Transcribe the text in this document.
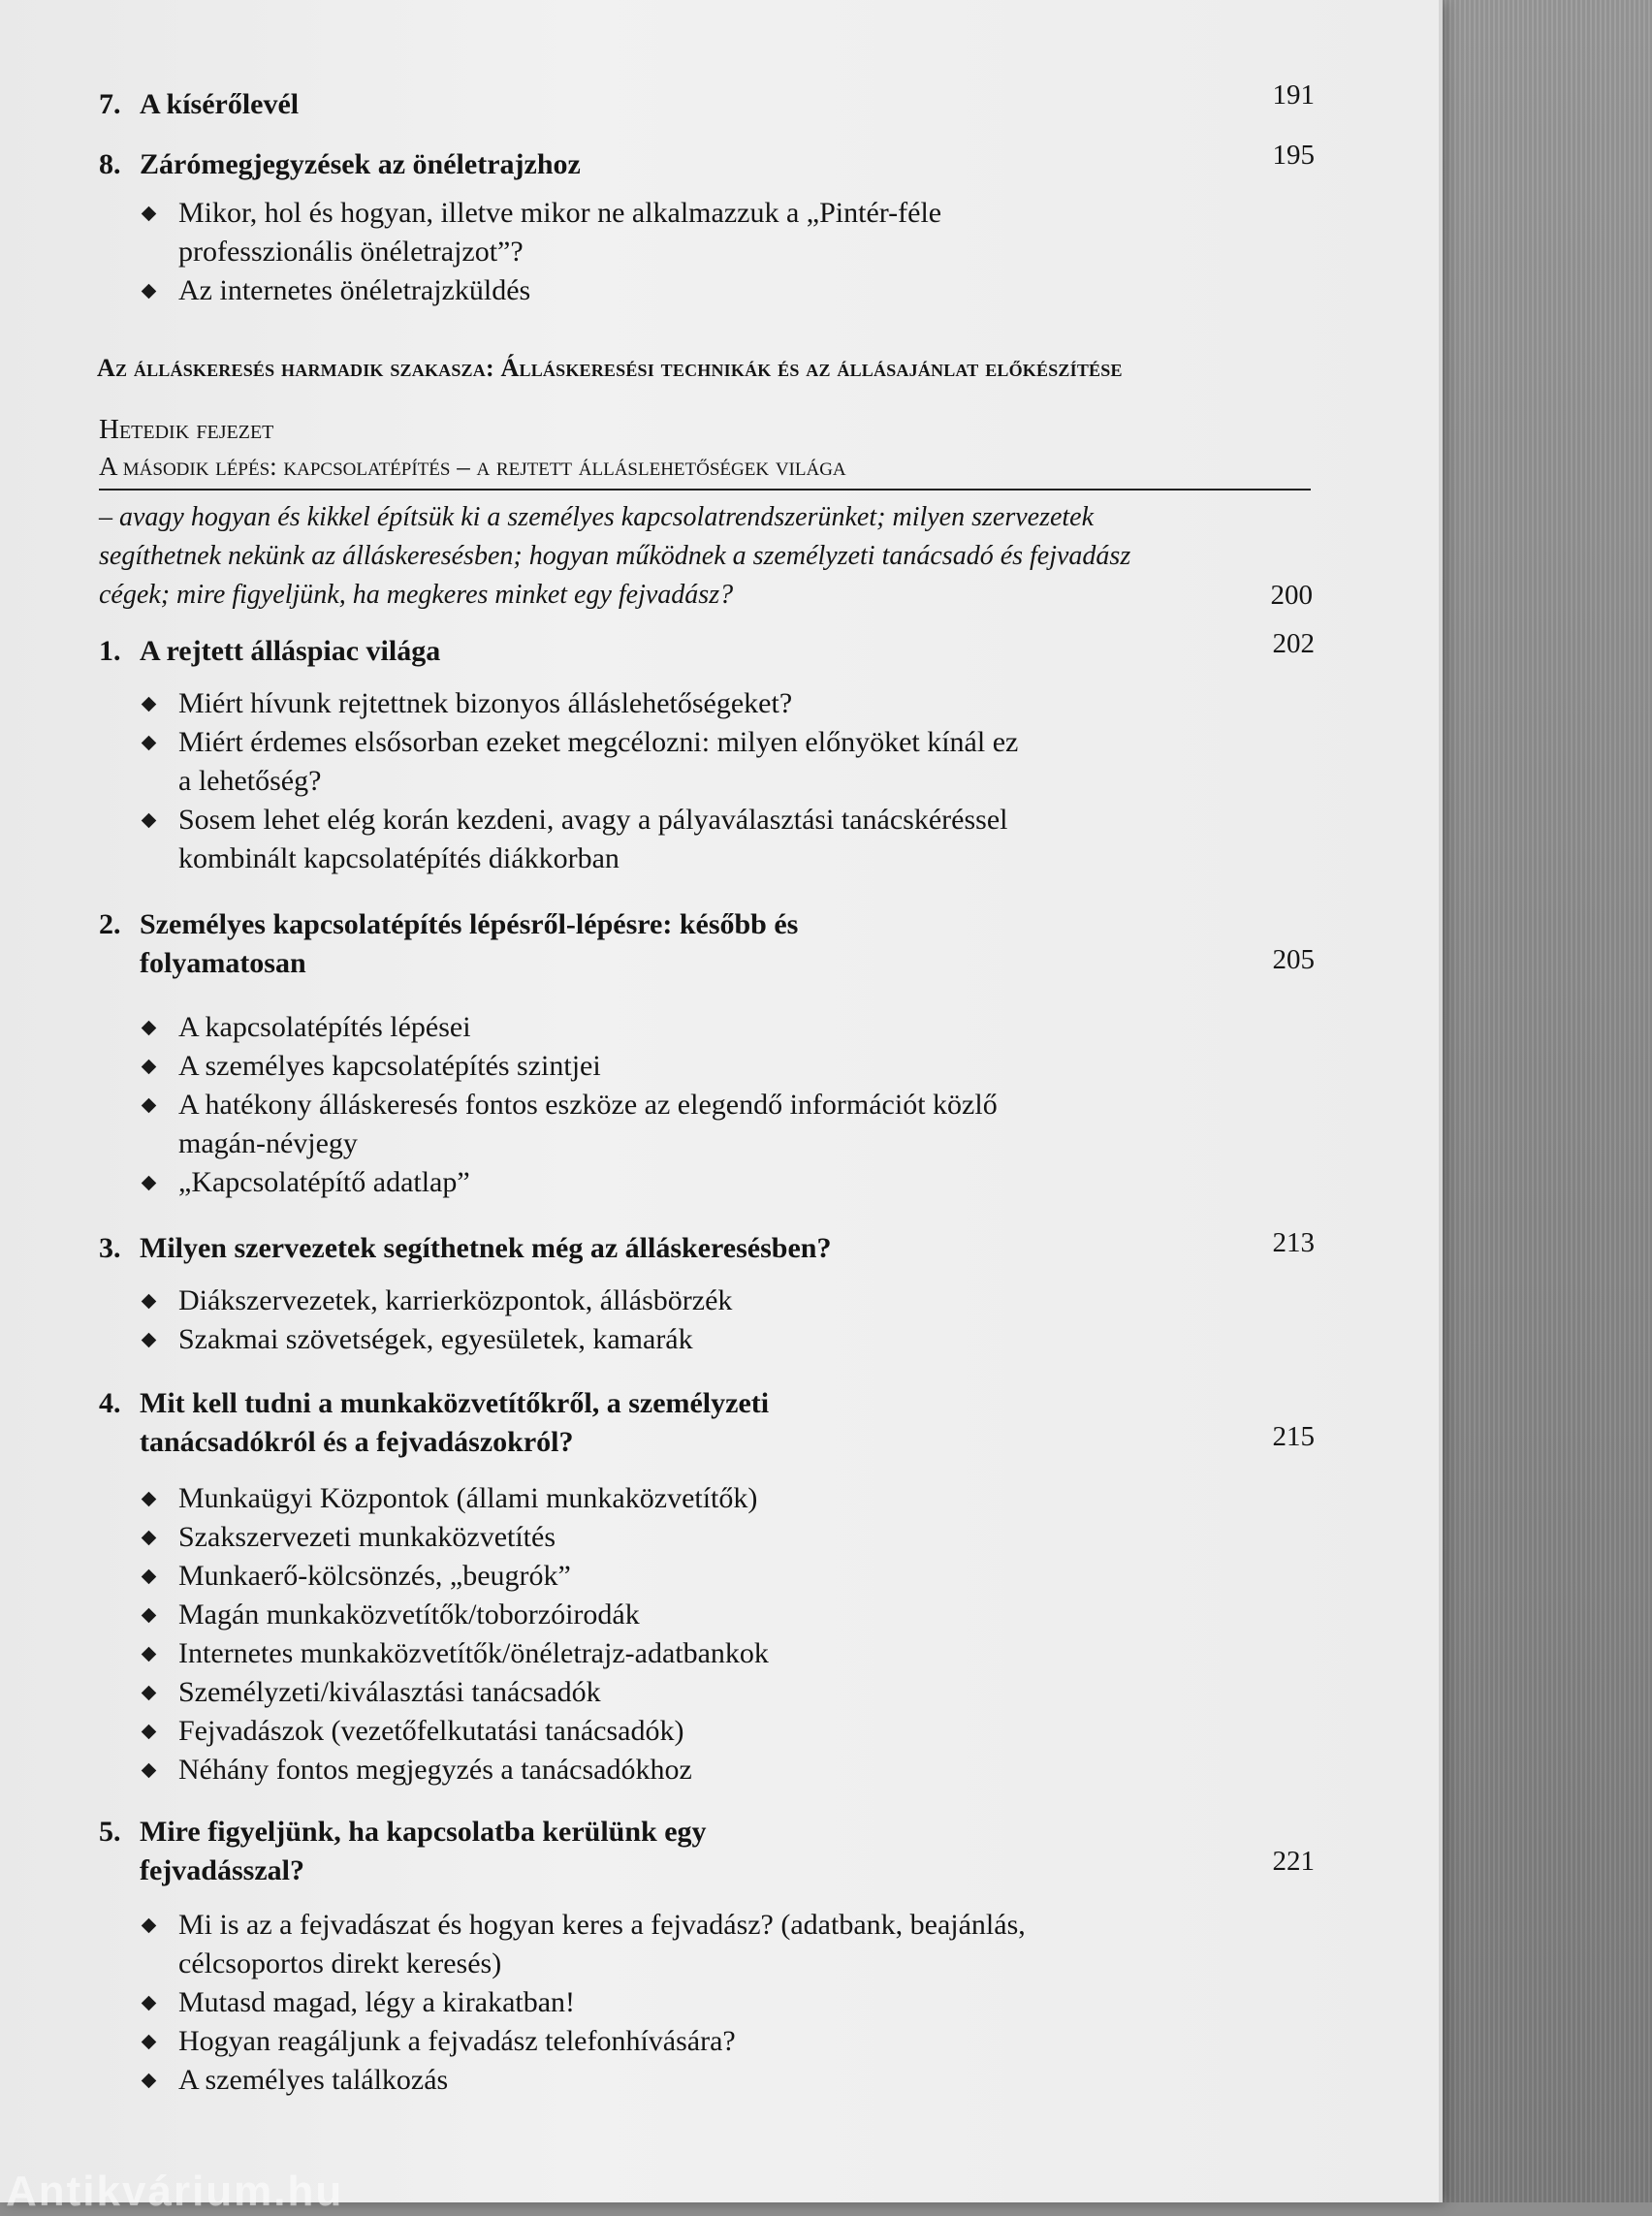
7. A kísérőlevél	191
8. Zárómegjegyzések az önéletrajzhoz	195
Mikor, hol és hogyan, illetve mikor ne alkalmazzuk a „Pintér-féle professzionális önéletrajzot”?
Az internetes önéletrajzküldés
Az álláskeresés harmadik szakasza: Álláskeresési technikák és az állásajánlat előkészítése
Hetedik fejezet
A második lépés: kapcsolatépítés – a rejtett álláslehetőségek világa
– avagy hogyan és kikkel építsük ki a személyes kapcsolatrendszerünket; milyen szervezetek segíthetnek nekünk az álláskeresésben; hogyan működnek a személyzeti tanácsadó és fejvadász cégek; mire figyeljünk, ha megkeres minket egy fejvadász?	200
1. A rejtett álláspiac világa	202
Miért hívunk rejtettnek bizonyos álláslehetőségeket?
Miért érdemes elsősorban ezeket megcélozni: milyen előnyöket kínál ez a lehetőség?
Sosem lehet elég korán kezdeni, avagy a pályaválasztási tanácskéréssel kombinált kapcsolatépítés diákkorban
2. Személyes kapcsolatépítés lépésről-lépésre: később és folyamatosan	205
A kapcsolatépítés lépései
A személyes kapcsolatépítés szintjei
A hatékony álláskeresés fontos eszköze az elegendő információt közlő magán-névjegy
„Kapcsolatépítő adatlap”
3. Milyen szervezetek segíthetnek még az álláskeresésben?	213
Diákszervezetek, karrierközpontok, állásbörzék
Szakmai szövetségek, egyesületek, kamarák
4. Mit kell tudni a munkaközvetítőkről, a személyzeti tanácsadókról és a fejvadászokról?	215
Munkaügyi Központok (állami munkaközvetítők)
Szakszervezeti munkaközvetítés
Munkaerő-kölcsönzés, „beugrók”
Magán munkaközvetítők/toborzóirodák
Internetes munkaközvetítők/önéletrajz-adatbankok
Személyzeti/kiválasztási tanácsadók
Fejvadászok (vezetőfelkutatási tanácsadók)
Néhány fontos megjegyzés a tanácsadókhoz
5. Mire figyeljünk, ha kapcsolatba kerülünk egy fejvadásszal?	221
Mi is az a fejvadászat és hogyan keres a fejvadász? (adatbank, beajánlás, célcsoportos direkt keresés)
Mutasd magad, légy a kirakatban!
Hogyan reagáljunk a fejvadász telefonhívására?
A személyes találkozás
Antikvárium.hu
